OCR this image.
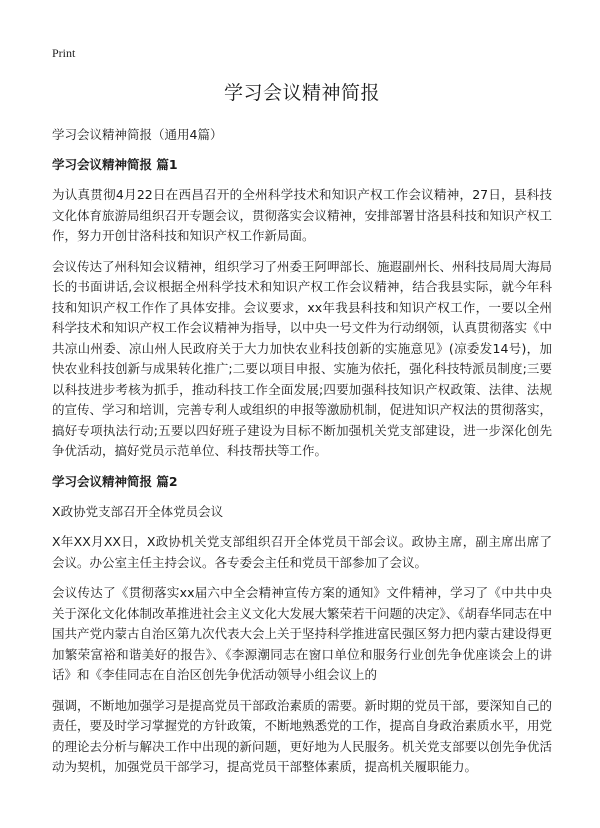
Print
学习会议精神简报
学习会议精神简报（通用4篇）
学习会议精神简报 篇1

为认真贯彻4月22日在西昌召开的全州科学技术和知识产权工作会议精神，27日，县科技文化体育旅游局组织召开专题会议，贯彻落实会议精神，安排部署甘洛县科技和知识产权工作，努力开创甘洛科技和知识产权工作新局面。

会议传达了州科知会议精神，组织学习了州委王阿呷部长、施遐副州长、州科技局周大海局长的书面讲话,会议根据全州科学技术和知识产权工作会议精神，结合我县实际，就今年科技和知识产权工作作了具体安排。会议要求，xx年我县科技和知识产权工作，一要以全州科学技术和知识产权工作会议精神为指导，以中央一号文件为行动纲领，认真贯彻落实《中共凉山州委、凉山州人民政府关于大力加快农业科技创新的实施意见》(凉委发14号)，加快农业科技创新与成果转化推广;二要以项目申报、实施为依托，强化科技特派员制度;三要以科技进步考核为抓手，推动科技工作全面发展;四要加强科技知识产权政策、法律、法规的宣传、学习和培训，完善专利人或组织的申报等激励机制，促进知识产权法的贯彻落实，搞好专项执法行动;五要以四好班子建设为目标不断加强机关党支部建设，进一步深化创先争优活动，搞好党员示范单位、科技帮扶等工作。

学习会议精神简报 篇2

X政协党支部召开全体党员会议

X年XX月XX日，X政协机关党支部组织召开全体党员干部会议。政协主席，副主席出席了会议。办公室主任主持会议。各专委会主任和党员干部参加了会议。

会议传达了《贯彻落实xx届六中全会精神宣传方案的通知》文件精神，学习了《中共中央关于深化文化体制改革推进社会主义文化大发展大繁荣若干问题的决定》、《胡春华同志在中国共产党内蒙古自治区第九次代表大会上关于坚持科学推进富民强区努力把内蒙古建设得更加繁荣富裕和谐美好的报告》、《李源潮同志在窗口单位和服务行业创先争优座谈会上的讲话》和《李佳同志在自治区创先争优活动领导小组会议上的

强调，不断地加强学习是提高党员干部政治素质的需要。新时期的党员干部，要深知自己的责任，要及时学习掌握党的方针政策，不断地熟悉党的工作，提高自身政治素质水平，用党的理论去分析与解决工作中出现的新问题，更好地为人民服务。机关党支部要以创先争优活动为契机，加强党员干部学习，提高党员干部整体素质，提高机关履职能力。
